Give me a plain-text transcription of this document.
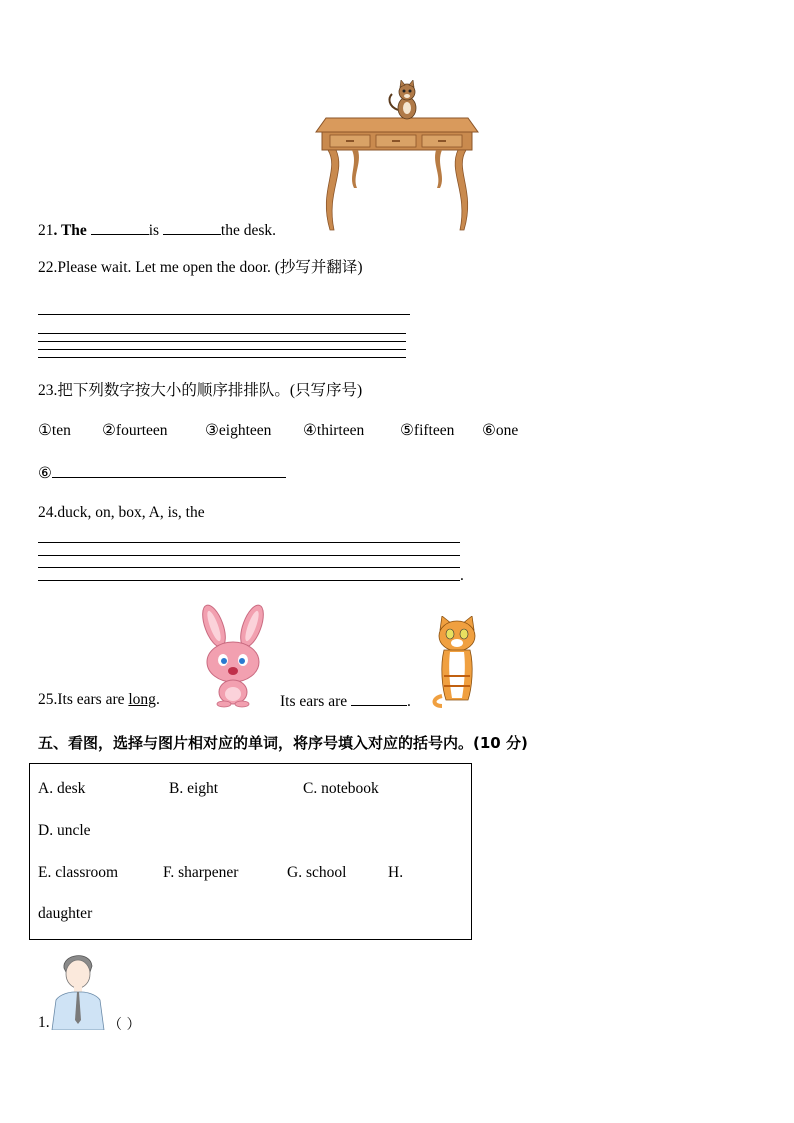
21. The	is	the desk.
22.Please wait. Let me open the door. (抄写并翻译)
23.把下列数字按大小的顺序排排队。(只写序号)
①ten ②fourteen ③eighteen ④thirteen ⑤fifteen ⑥one
⑥
24.duck, on, box, A, is, the
.
25.Its ears are long.	Its ears are	.
五、看图，选择与图片相对应的单词，将序号填入对应的括号内。(10 分)
A. desk	B. eight	C. notebook
D. uncle
E. classroom	F. sharpener	G. school	H.
daughter
1.	（ ）
